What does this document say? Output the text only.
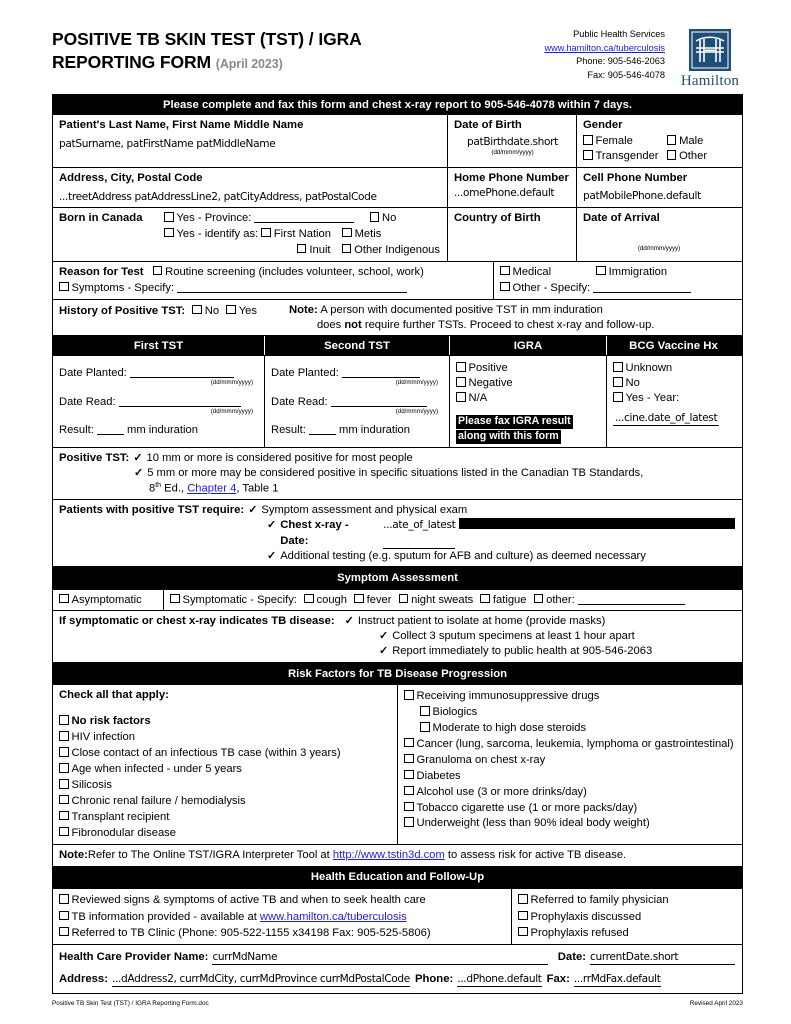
POSITIVE TB SKIN TEST (TST) / IGRA
REPORTING FORM (April 2023)
Public Health Services
www.hamilton.ca/tuberculosis
Phone: 905-546-2063
Fax: 905-546-4078 Hamilton
Please complete and fax this form and chest x-ray report to 905-546-4078 within 7 days.
Patient's Last Name, First Name Middle Name
patSurname, patFirstName patMiddleName
Date of Birth
patBirthdate.short
(dd/mmm/yyyy)
Gender
Female	Male
Transgender	Other
Address, City, Postal Code
...treetAddress patAddressLine2, patCityAddress, patPostalCode
Home Phone Number
...omePhone.default
Cell Phone Number
patMobilePhone.default
Born in Canada	Yes - Province:	No
Yes - identify as: First Nation Metis
Inuit Other Indigenous
Country of Birth	Date of Arrival
(dd/mmm/yyyy)
Reason for Test Routine screening (includes volunteer, school, work)
Symptoms - Specify:
Medical	Immigration
Other - Specify:
History of Positive TST: No Yes	Note: A person with documented positive TST in mm induration
does not require further TSTs. Proceed to chest x-ray and follow-up.
First TST	Second TST	IGRA	BCG Vaccine Hx
Date Planted:
(dd/mmm/yyyy)
Date Read:
(dd/mmm/yyyy)
Result:	mm induration
Date Planted:
(dd/mmm/yyyy)
Date Read:
(dd/mmm/yyyy)
Result:	mm induration
Positive
Negative
N/A
Please fax IGRA result
along with this form
Unknown
No
Yes - Year:
...cine.date_of_latest
Positive TST: ✓ 10 mm or more is considered positive for most people
✓ 5 mm or more may be considered positive in specific situations listed in the Canadian TB Standards,
8th Ed., Chapter 4, Table 1
Patients with positive TST require: ✓ Symptom assessment and physical exam
✓ Chest x-ray - Date:
...ate_of_latest
✓ Additional testing (e.g. sputum for AFB and culture) as deemed necessary
Symptom Assessment
Asymptomatic	Symptomatic - Specify: cough fever night sweats fatigue other:
If symptomatic or chest x-ray indicates TB disease: ✓ Instruct patient to isolate at home (provide masks)
✓ Collect 3 sputum specimens at least 1 hour apart
✓ Report immediately to public health at 905-546-2063
Risk Factors for TB Disease Progression
Check all that apply:
No risk factors
HIV infection
Close contact of an infectious TB case (within 3 years)
Age when infected - under 5 years
Silicosis
Chronic renal failure / hemodialysis
Transplant recipient
Fibronodular disease
Receiving immunosuppressive drugs
Biologics
Moderate to high dose steroids
Cancer (lung, sarcoma, leukemia, lymphoma or gastrointestinal)
Granuloma on chest x-ray
Diabetes
Alcohol use (3 or more drinks/day)
Tobacco cigarette use (1 or more packs/day)
Underweight (less than 90% ideal body weight)
Note:Refer to The Online TST/IGRA Interpreter Tool at http://www.tstin3d.com to assess risk for active TB disease.
Health Education and Follow-Up
Reviewed signs & symptoms of active TB and when to seek health care
TB information provided - available at www.hamilton.ca/tuberculosis
Referred to TB Clinic (Phone: 905-522-1155 x34198 Fax: 905-525-5806)
Referred to family physician
Prophylaxis discussed
Prophylaxis refused
Health Care Provider Name: currMdName	Date: currentDate.short
Address: ...dAddress2, currMdCity, currMdProvince currMdPostalCode Phone: ...dPhone.default Fax: ...rrMdFax.default
Positive TB Skin Test (TST) / IGRA Reporting Form.doc	Revised April 2023
